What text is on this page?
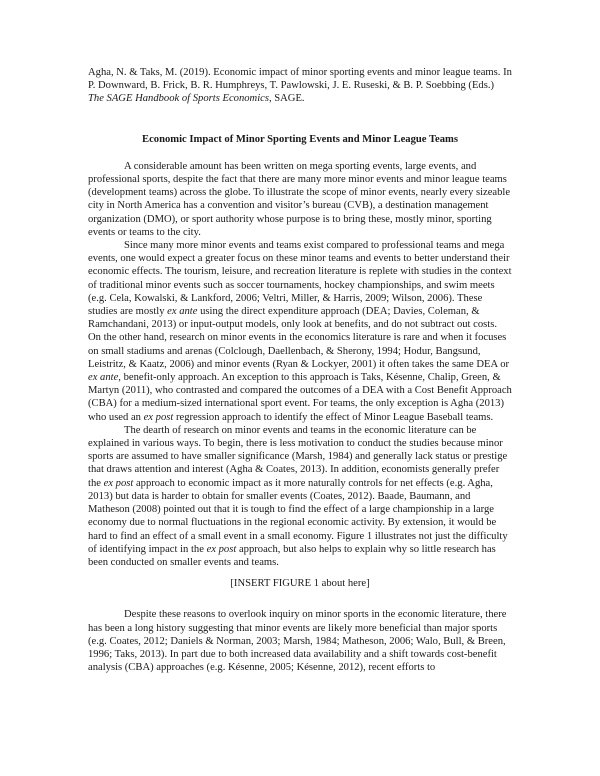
Agha, N. & Taks, M. (2019). Economic impact of minor sporting events and minor league teams. In P. Downward, B. Frick, B. R. Humphreys, T. Pawlowski, J. E. Ruseski, & B. P. Soebbing (Eds.) The SAGE Handbook of Sports Economics, SAGE.

Economic Impact of Minor Sporting Events and Minor League Teams

A considerable amount has been written on mega sporting events, large events, and professional sports, despite the fact that there are many more minor events and minor league teams (development teams) across the globe. To illustrate the scope of minor events, nearly every sizeable city in North America has a convention and visitor’s bureau (CVB), a destination management organization (DMO), or sport authority whose purpose is to bring these, mostly minor, sporting events or teams to the city.

Since many more minor events and teams exist compared to professional teams and mega events, one would expect a greater focus on these minor teams and events to better understand their economic effects. The tourism, leisure, and recreation literature is replete with studies in the context of traditional minor events such as soccer tournaments, hockey championships, and swim meets (e.g. Cela, Kowalski, & Lankford, 2006; Veltri, Miller, & Harris, 2009; Wilson, 2006). These studies are mostly ex ante using the direct expenditure approach (DEA; Davies, Coleman, & Ramchandani, 2013) or input-output models, only look at benefits, and do not subtract out costs. On the other hand, research on minor events in the economics literature is rare and when it focuses on small stadiums and arenas (Colclough, Daellenbach, & Sherony, 1994; Hodur, Bangsund, Leistritz, & Kaatz, 2006) and minor events (Ryan & Lockyer, 2001) it often takes the same DEA or ex ante, benefit-only approach. An exception to this approach is Taks, Késenne, Chalip, Green, & Martyn (2011), who contrasted and compared the outcomes of a DEA with a Cost Benefit Approach (CBA) for a medium-sized international sport event. For teams, the only exception is Agha (2013) who used an ex post regression approach to identify the effect of Minor League Baseball teams.

The dearth of research on minor events and teams in the economic literature can be explained in various ways. To begin, there is less motivation to conduct the studies because minor sports are assumed to have smaller significance (Marsh, 1984) and generally lack status or prestige that draws attention and interest (Agha & Coates, 2013). In addition, economists generally prefer the ex post approach to economic impact as it more naturally controls for net effects (e.g. Agha, 2013) but data is harder to obtain for smaller events (Coates, 2012). Baade, Baumann, and Matheson (2008) pointed out that it is tough to find the effect of a large championship in a large economy due to normal fluctuations in the regional economic activity. By extension, it would be hard to find an effect of a small event in a small economy. Figure 1 illustrates not just the difficulty of identifying impact in the ex post approach, but also helps to explain why so little research has been conducted on smaller events and teams.

[INSERT FIGURE 1 about here]

Despite these reasons to overlook inquiry on minor sports in the economic literature, there has been a long history suggesting that minor events are likely more beneficial than major sports (e.g. Coates, 2012; Daniels & Norman, 2003; Marsh, 1984; Matheson, 2006; Walo, Bull, & Breen, 1996; Taks, 2013). In part due to both increased data availability and a shift towards cost-benefit analysis (CBA) approaches (e.g. Késenne, 2005; Késenne, 2012), recent efforts to
